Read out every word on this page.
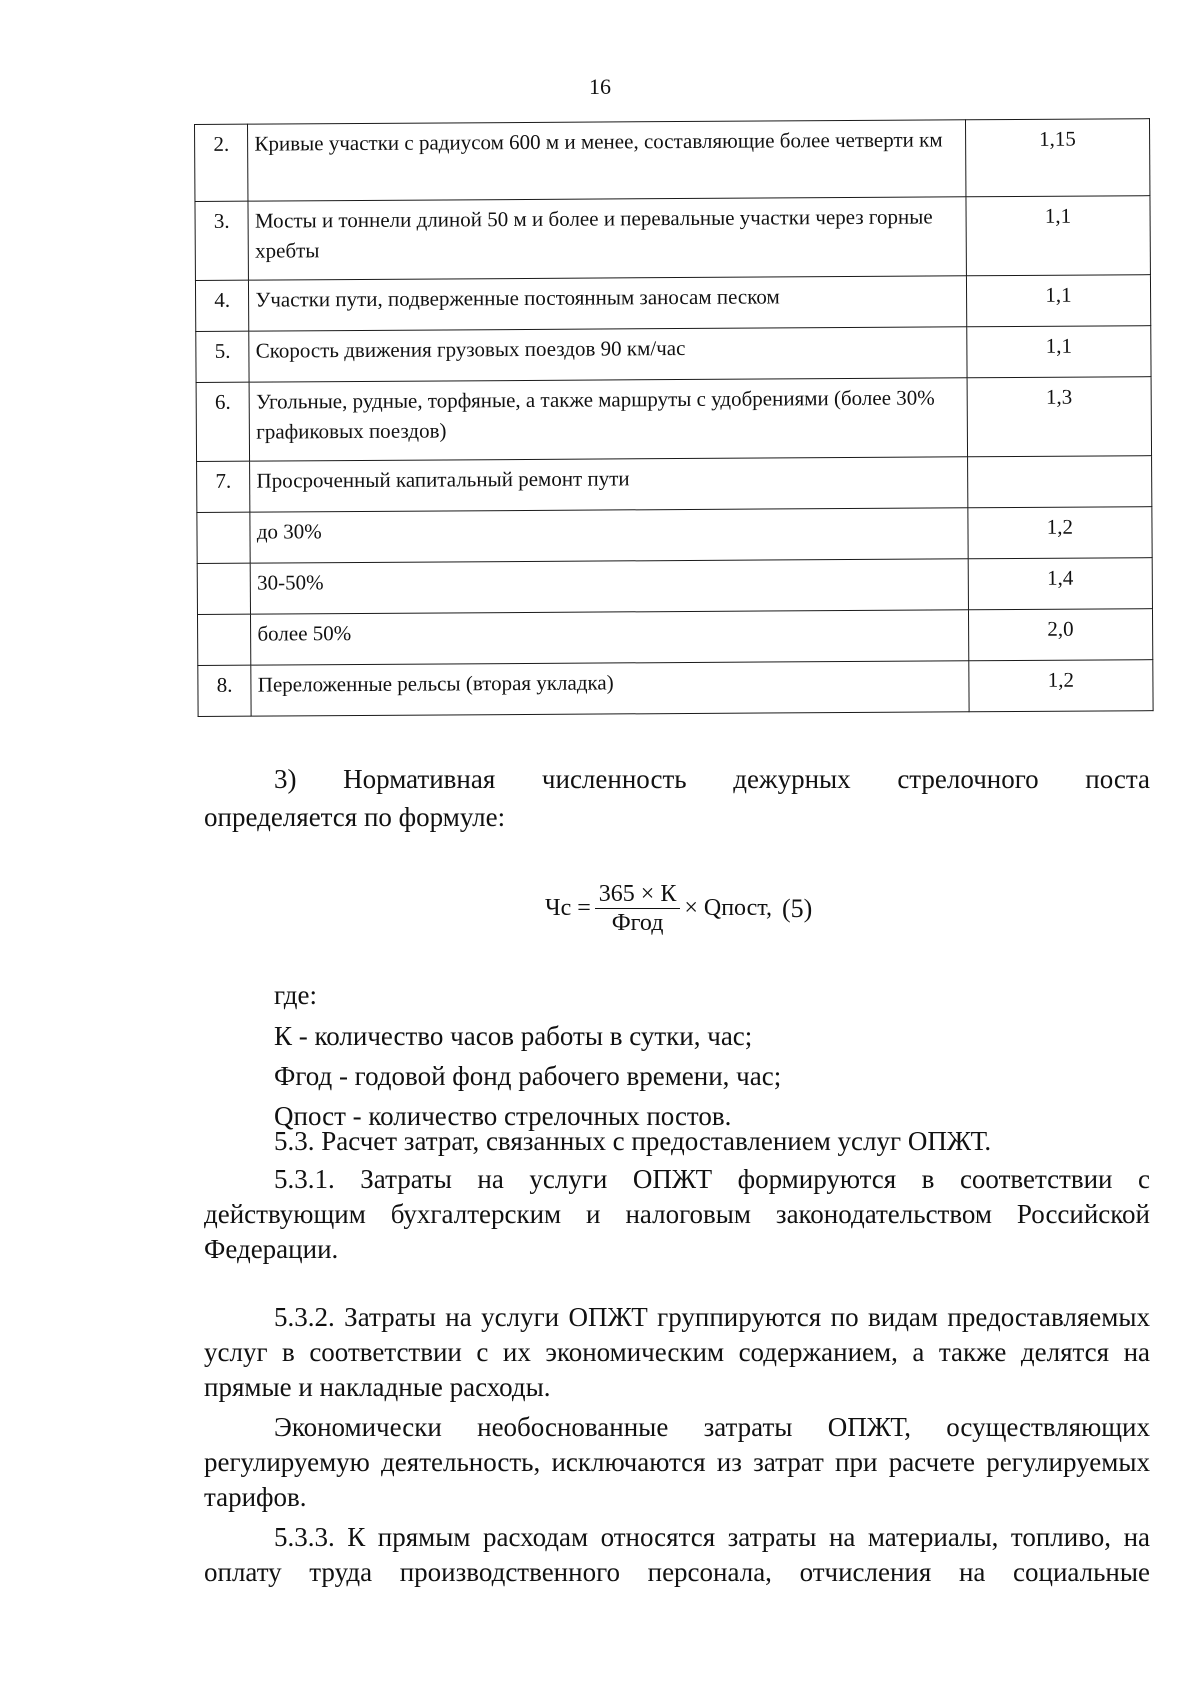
16
2.	Кривые участки с радиусом 600 м и менее, составляющие более четверти км	1,15
3.	Мосты и тоннели длиной 50 м и более и перевальные участки через горные хребты	1,1
4.	Участки пути, подверженные постоянным заносам песком	1,1
5.	Скорость движения грузовых поездов 90 км/час	1,1
6.	Угольные, рудные, торфяные, а также маршруты с удобрениями (более 30% графиковых поездов)	1,3
7.	Просроченный капитальный ремонт пути	
	до 30%	1,2
	30-50%	1,4
	более 50%	2,0
8.	Переложенные рельсы (вторая укладка)	1,2
3) Нормативная численность дежурных стрелочного поста
определяется по формуле:
Чс = $\frac{365 \times К}{\text{Фгод}}$ × Qпост, (5)
где:
К - количество часов работы в сутки, час;
Фгод - годовой фонд рабочего времени, час;
Qпост - количество стрелочных постов.
5.3. Расчет затрат, связанных с предоставлением услуг ОПЖТ.
5.3.1. Затраты на услуги ОПЖТ формируются в соответствии с действующим бухгалтерским и налоговым законодательством Российской Федерации.
5.3.2. Затраты на услуги ОПЖТ группируются по видам предоставляемых услуг в соответствии с их экономическим содержанием, а также делятся на прямые и накладные расходы.
Экономически необоснованные затраты ОПЖТ, осуществляющих регулируемую деятельность, исключаются из затрат при расчете регулируемых тарифов.
5.3.3. К прямым расходам относятся затраты на материалы, топливо, на оплату труда производственного персонала, отчисления на социальные
